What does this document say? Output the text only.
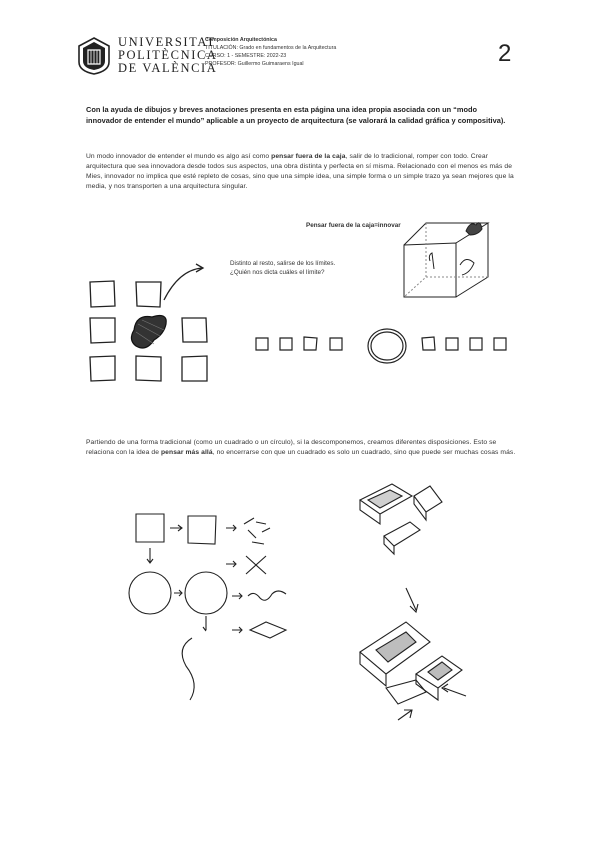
UNIVERSITAT
POLITÈCNICA
DE VALÈNCIA
Composición Arquitectónica
TITULACIÓN: Grado en fundamentos de la Arquitectura
CURSO: 1 - SEMESTRE: 2022-23
PROFESOR: Guillermo Guimaraens Igual	2
Con la ayuda de dibujos y breves anotaciones presenta en esta página una idea propia asociada con un “modo innovador de entender el mundo” aplicable a un proyecto de arquitectura (se valorará la calidad gráfica y compositiva).
Un modo innovador de entender el mundo es algo así como pensar fuera de la caja, salir de lo tradicional, romper con todo. Crear arquitectura que sea innovadora desde todos sus aspectos, una obra distinta y perfecta en sí misma. Relacionado con el menos es más de Mies, innovador no implica que esté repleto de cosas, sino que una simple idea, una simple forma o un simple trazo ya sean mejores que la media, y nos transporten a una arquitectura singular.
Pensar fuera de la caja=innovar
Distinto al resto, salirse de los límites.
¿Quién nos dicta cuáles el límite?
Partiendo de una forma tradicional (como un cuadrado o un círculo), si la descomponemos, creamos diferentes disposiciones. Esto se relaciona con la idea de pensar más allá, no encerrarse con que un cuadrado es solo un cuadrado, sino que puede ser muchas cosas más.
